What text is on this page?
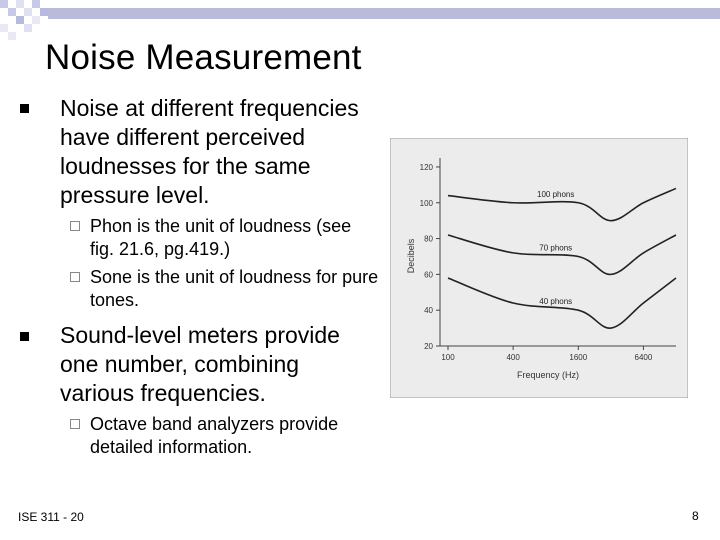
Noise Measurement
Noise at different frequencies have different perceived loudnesses for the same pressure level.
Phon is the unit of loudness (see fig. 21.6, pg.419.)
Sone is the unit of loudness for pure tones.
Sound-level meters provide one number, combining various frequencies.
Octave band analyzers provide detailed information.
20
40
60
80
100
120
100	400	1600	6400
100 phons
70 phons
40 phons
Decibels
Frequency (Hz)
ISE 311 - 20	8
